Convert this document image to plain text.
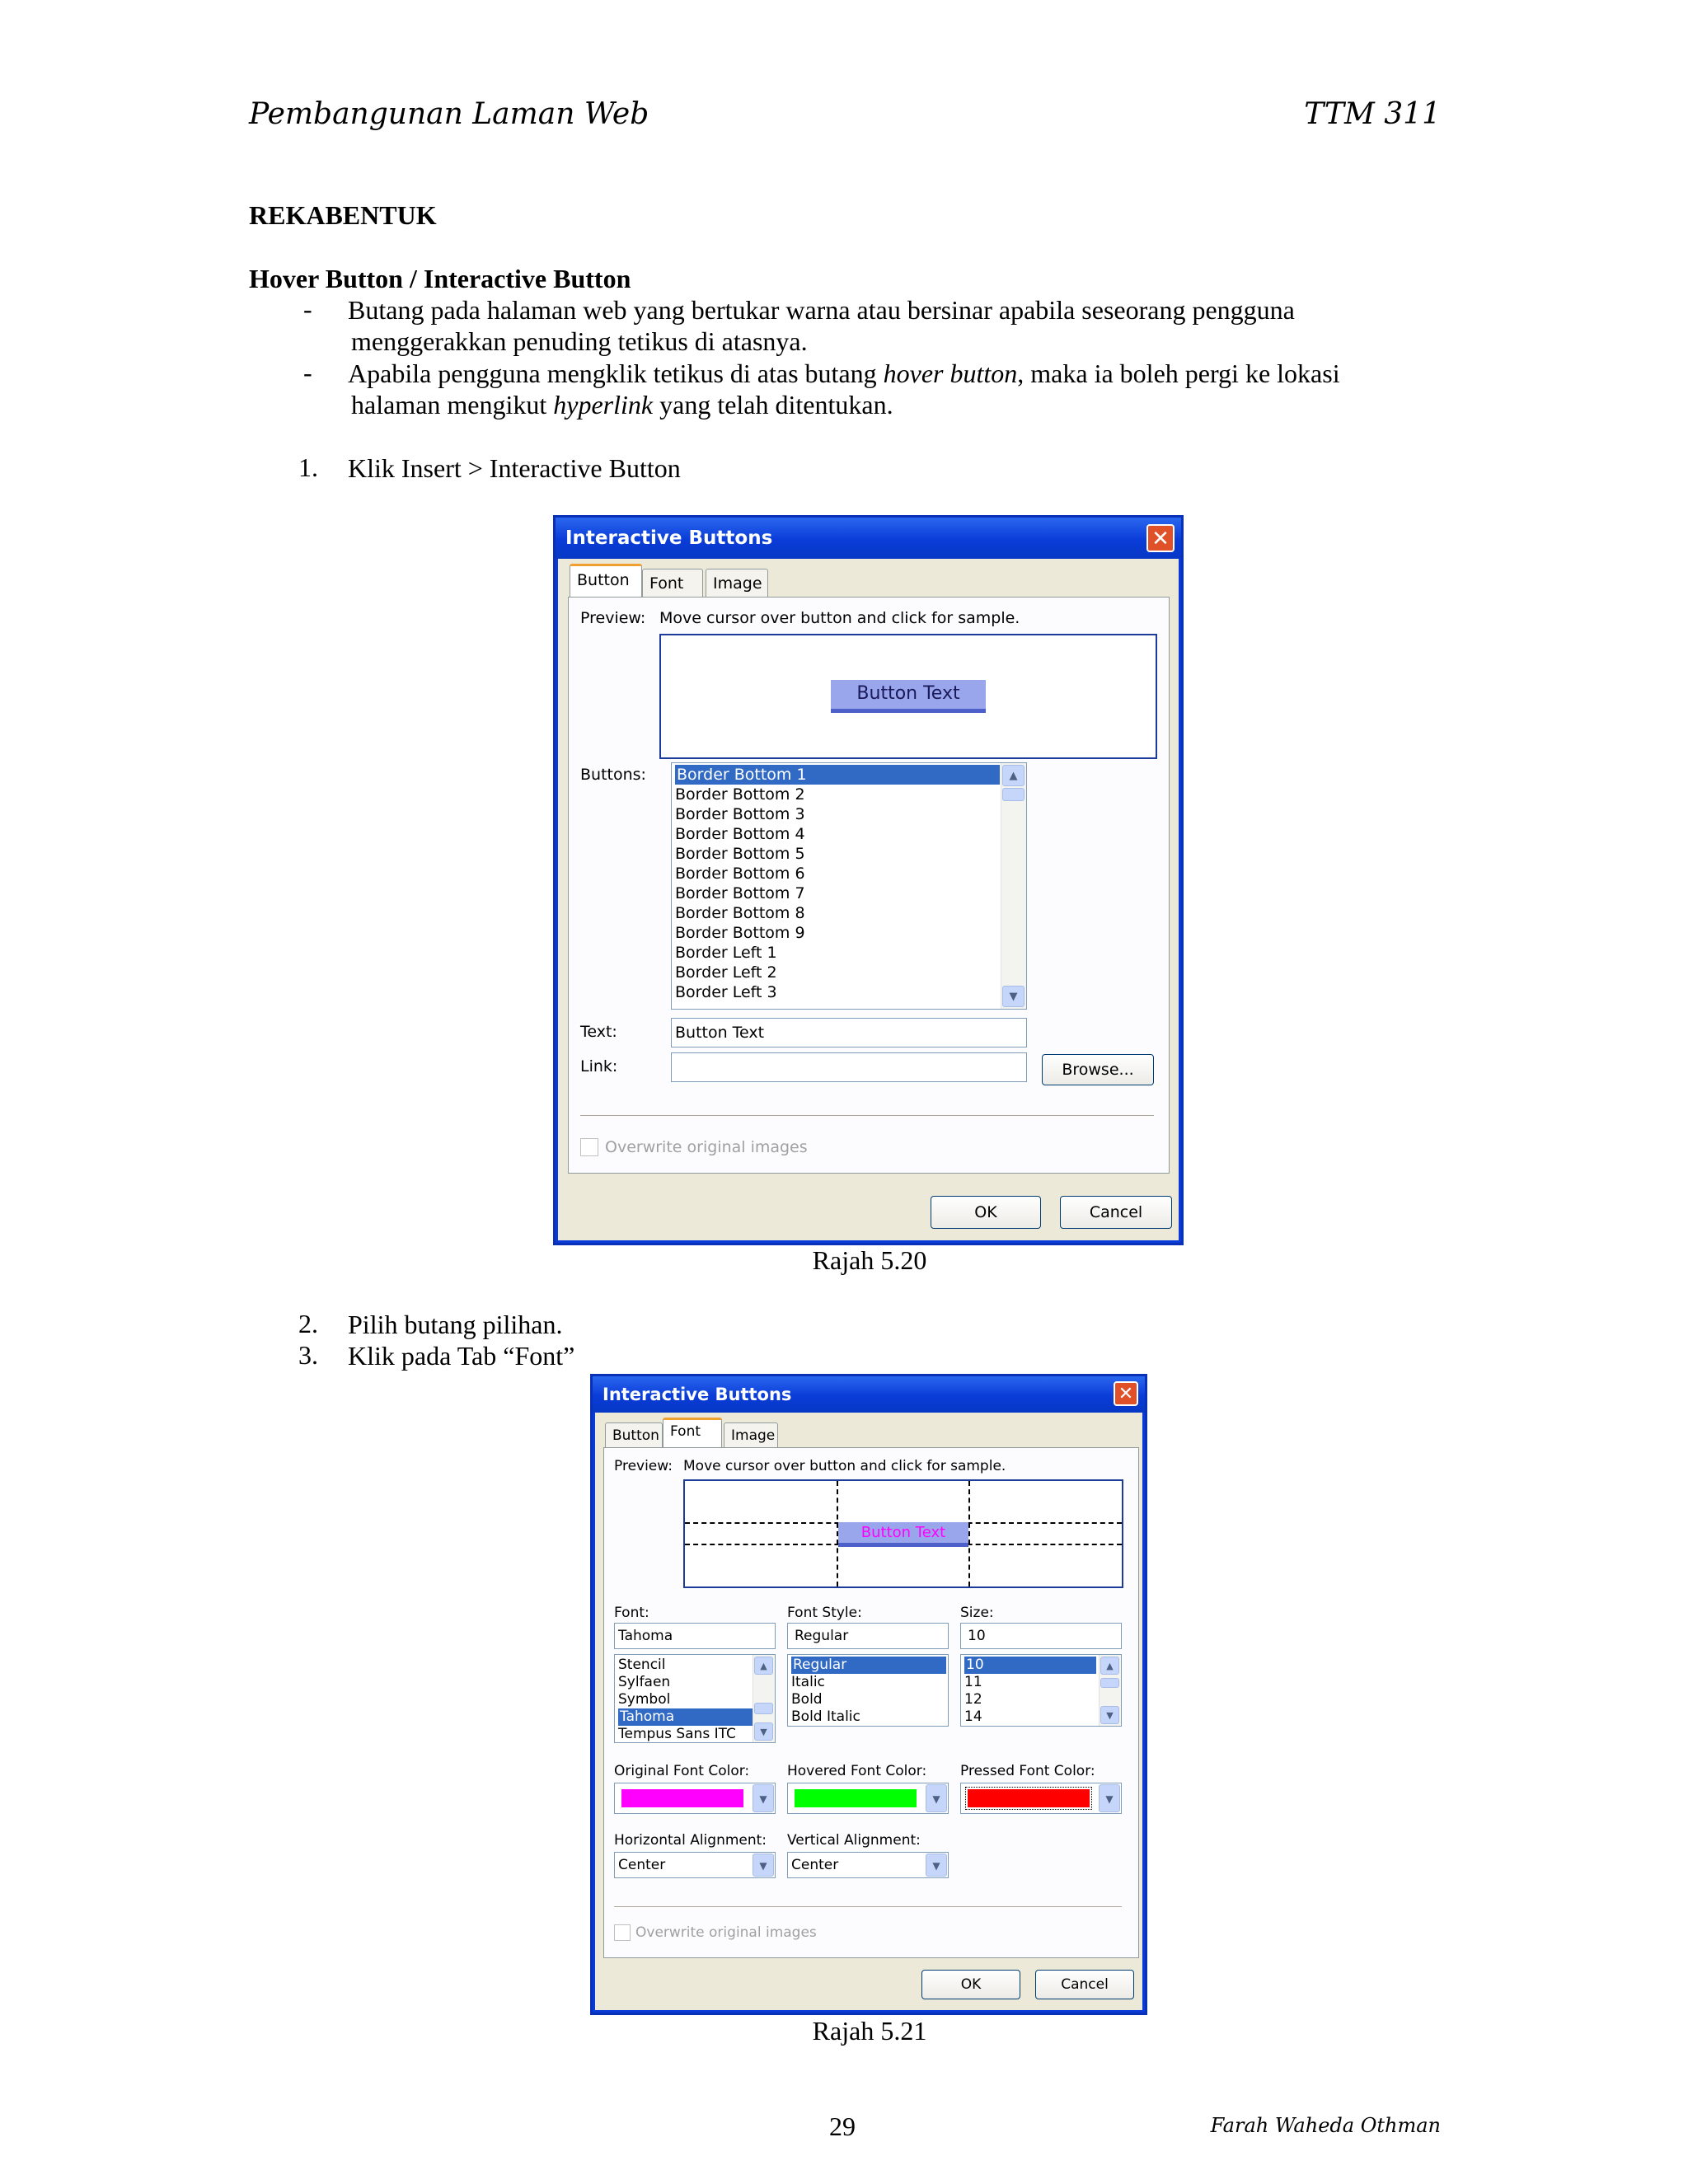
Pembangunan Laman Web	TTM 311
REKABENTUK
Hover Button / Interactive Button
- Butang pada halaman web yang bertukar warna atau bersinar apabila seseorang pengguna
menggerakkan penuding tetikus di atasnya.
- Apabila pengguna mengklik tetikus di atas butang hover button, maka ia boleh pergi ke lokasi
halaman mengikut hyperlink yang telah ditentukan.
1. Klik Insert > Interactive Button
Interactive Buttons	✕
Button	Font	Image
Preview: Move cursor over button and click for sample.
Button Text
Buttons: Border Bottom 1
Border Bottom 2
Border Bottom 3
Border Bottom 4
Border Bottom 5
Border Bottom 6
Border Bottom 7
Border Bottom 8
Border Bottom 9
Border Left 1
Border Left 2
Border Left 3
▲
▼
Text:	Button Text
Link:	Browse...
Overwrite original images
OK	Cancel
Rajah 5.20
2. Pilih butang pilihan.
3. Klik pada Tab “Font”
Interactive Buttons	✕
Button Font	Image
Preview: Move cursor over button and click for sample.
Button Text
Font:
Tahoma
Stencil
Sylfaen
Symbol
Tahoma
Tempus Sans ITC
▲
▼
Font Style:
Regular
Regular
Italic
Bold
Bold Italic
Size:
10
10
11
12
14
▲
▼
Original Font Color:
▼
Hovered Font Color:
▼
Pressed Font Color:
▼
Horizontal Alignment:
Center	▼
Vertical Alignment:
Center	▼
Overwrite original images
OK	Cancel
Rajah 5.21
29	Farah Waheda Othman
